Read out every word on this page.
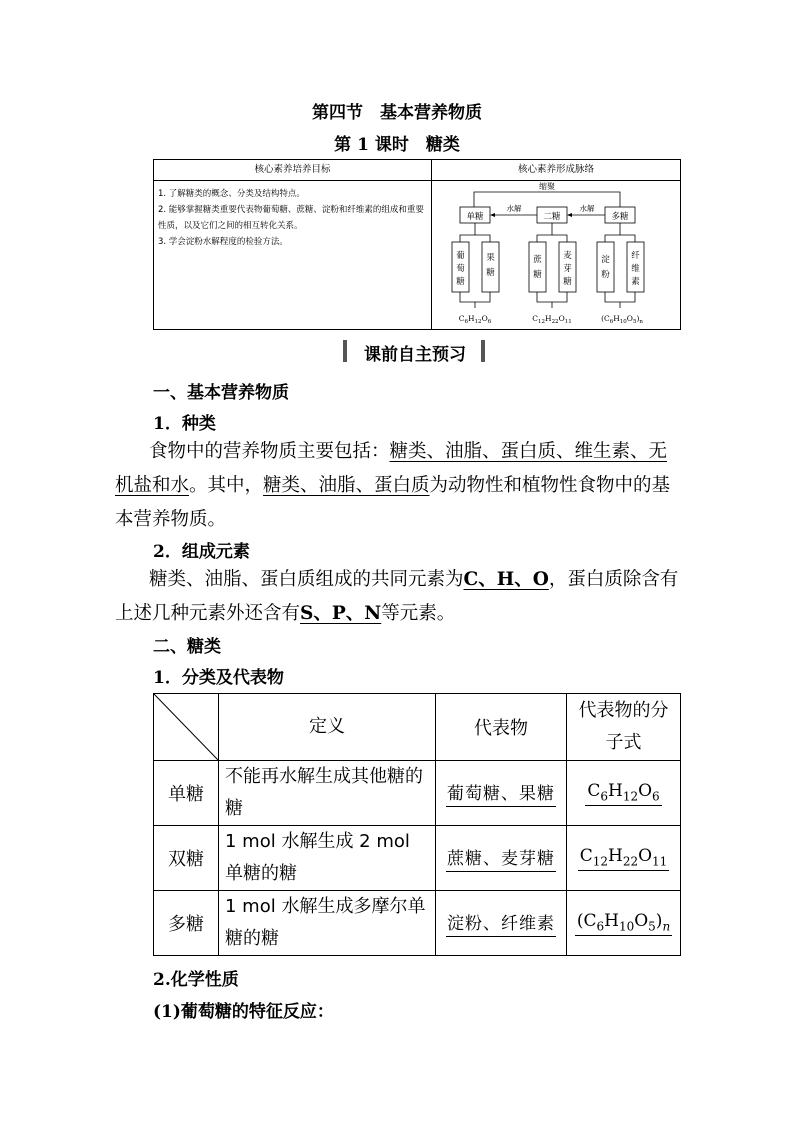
第四节　基本营养物质
第 1 课时　糖类
核心素养培养目标	核心素养形成脉络
1. 了解糖类的概念、分类及结构特点。
2. 能够掌握糖类重要代表物葡萄糖、蔗糖、淀粉和纤维素的组成和重要性质，以及它们之间的相互转化关系。
3. 学会淀粉水解程度的检验方法。
缩聚
单糖	二糖	多糖
水解	水解
葡
萄
糖
果
糖
蔗
糖
麦
芽
糖
淀
粉
纤
维
素
$C_6H_{12}O_6$	$C_{12}H_{22}O_{11}$	$(C_6H_{10}O_5)_n$
课前自主预习
一、基本营养物质
1．种类
食物中的营养物质主要包括：糖类、油脂、蛋白质、维生素、无
机盐和水。其中，糖类、油脂、蛋白质为动物性和植物性食物中的基
本营养物质。
2．组成元素
糖类、油脂、蛋白质组成的共同元素为C、H、O，蛋白质除含有
上述几种元素外还含有S、P、N等元素。
二、糖类
1．分类及代表物
	定义	代表物	代表物的分子式
单糖	不能再水解生成其他糖的糖	葡萄糖、果糖	$C_6H_{12}O_6$
双糖	1 mol 水解生成 2 mol 单糖的糖	蔗糖、麦芽糖	$C_{12}H_{22}O_{11}$
多糖	1 mol 水解生成多摩尔单糖的糖	淀粉、纤维素	$(C_6H_{10}O_5)_n$
2.化学性质
(1)葡萄糖的特征反应：
